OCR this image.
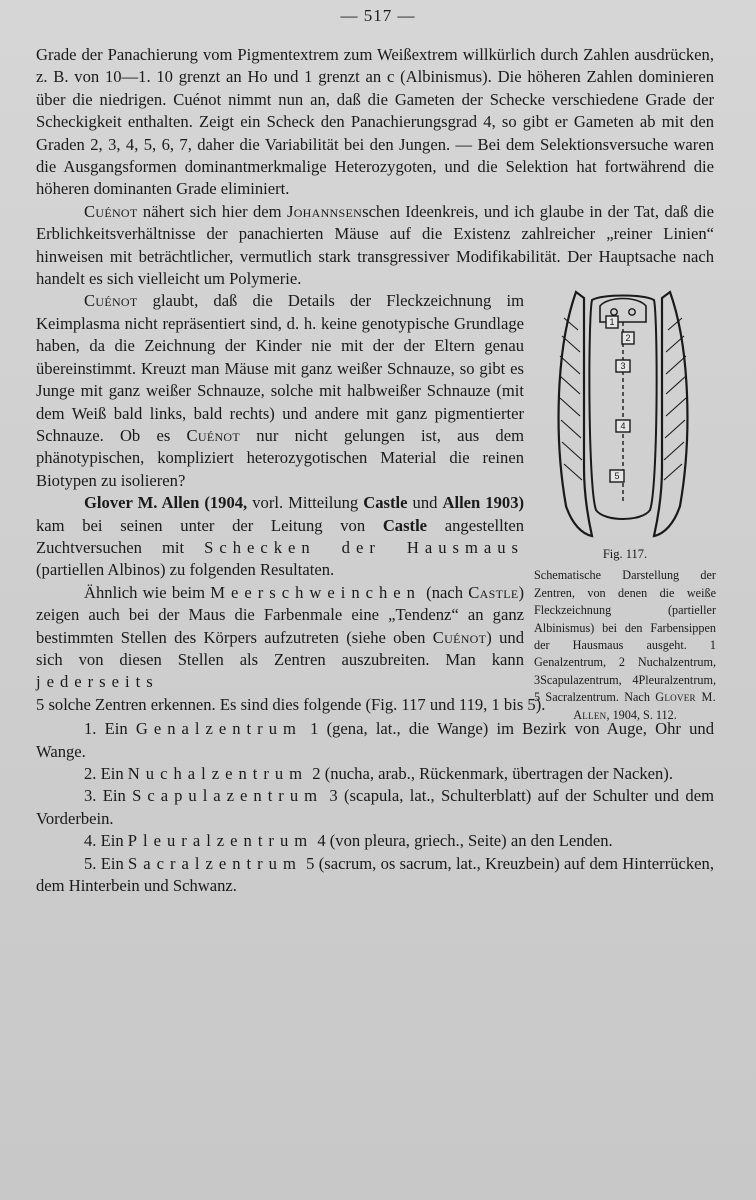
— 517 —
1
2
3
4
5
Fig. 117.
Schematische Darstellung der Zentren, von denen die weiße Fleckzeichnung (partieller Albinismus) bei den Farbensippen der Hausmaus ausgeht. 1 Genalzentrum, 2 Nuchalzentrum, 3Scapulazentrum, 4Pleuralzentrum, 5 Sacralzentrum. Nach Glover M. Allen, 1904, S. 112.

Grade der Panachierung vom Pigmentextrem zum Weißextrem willkürlich durch Zahlen ausdrücken, z. B. von 10—1. 10 grenzt an Ho und 1 grenzt an c (Albinismus). Die höheren Zahlen dominieren über die niedrigen. Cuénot nimmt nun an, daß die Gameten der Schecke verschiedene Grade der Scheckigkeit enthalten. Zeigt ein Scheck den Panachierungsgrad 4, so gibt er Gameten ab mit den Graden 2, 3, 4, 5, 6, 7, daher die Variabilität bei den Jungen. — Bei dem Selektionsversuche waren die Ausgangsformen dominantmerkmalige Heterozygoten, und die Selektion hat fortwährend die höheren dominanten Grade eliminiert.

Cuénot nähert sich hier dem Johannsenschen Ideenkreis, und ich glaube in der Tat, daß die Erblichkeitsverhältnisse der panachierten Mäuse auf die Existenz zahlreicher „reiner Linien“ hinweisen mit beträchtlicher, vermutlich stark transgressiver Modifikabilität. Der Hauptsache nach handelt es sich vielleicht um Polymerie.

Cuénot glaubt, daß die Details der Fleckzeichnung im Keimplasma nicht repräsentiert sind, d. h. keine genotypische Grundlage haben, da die Zeichnung der Kinder nie mit der der Eltern genau übereinstimmt. Kreuzt man Mäuse mit ganz weißer Schnauze, so gibt es Junge mit ganz weißer Schnauze, solche mit halbweißer Schnauze (mit dem Weiß bald links, bald rechts) und andere mit ganz pigmentierter Schnauze. Ob es Cuénot nur nicht gelungen ist, aus dem phänotypischen, kompliziert heterozygotischen Material die reinen Biotypen zu isolieren?

Glover M. Allen (1904, vorl. Mitteilung Castle und Allen 1903) kam bei seinen unter der Leitung von Castle angestellten Zuchtversuchen mit Schecken der Hausmaus (partiellen Albinos) zu folgenden Resultaten.

Ähnlich wie beim Meerschweinchen (nach Castle) zeigen auch bei der Maus die Farbenmale eine „Tendenz“ an ganz bestimmten Stellen des Körpers aufzutreten (siehe oben Cuénot) und sich von diesen Stellen als Zentren auszubreiten. Man kann jederseits

5 solche Zentren erkennen. Es sind dies folgende (Fig. 117 und 119, 1 bis 5).

1. Ein Genalzentrum 1 (gena, lat., die Wange) im Bezirk von Auge, Ohr und Wange.

2. Ein Nuchalzentrum 2 (nucha, arab., Rückenmark, übertragen der Nacken).

3. Ein Scapulazentrum 3 (scapula, lat., Schulterblatt) auf der Schulter und dem Vorderbein.

4. Ein Pleuralzentrum 4 (von pleura, griech., Seite) an den Lenden.

5. Ein Sacralzentrum 5 (sacrum, os sacrum, lat., Kreuzbein) auf dem Hinterrücken, dem Hinterbein und Schwanz.
